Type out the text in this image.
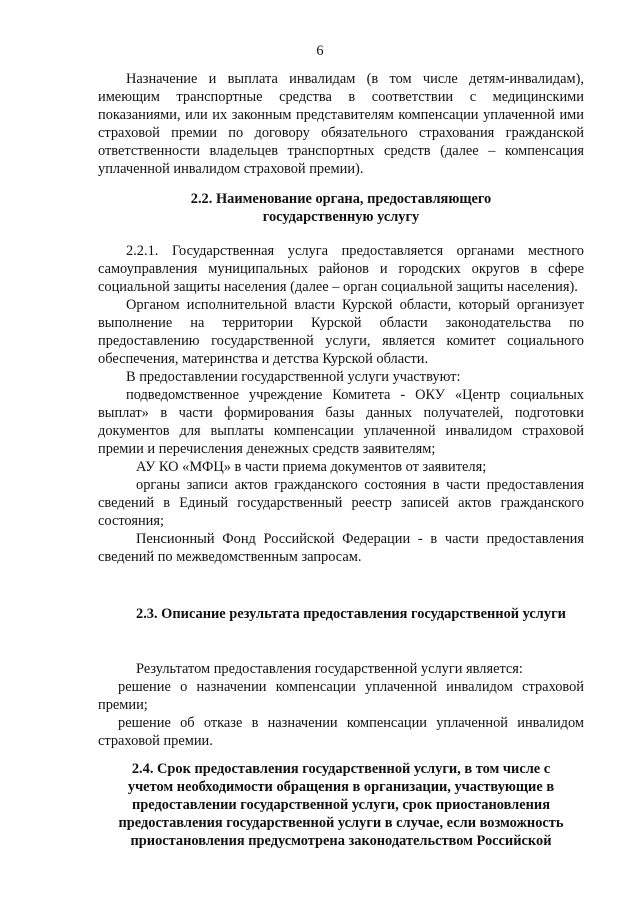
6

Назначение и выплата инвалидам (в том числе детям-инвалидам), имеющим транспортные средства в соответствии с медицинскими показаниями, или их законным представителям компенсации уплаченной ими страховой премии по договору обязательного страхования гражданской ответственности владельцев транспортных средств (далее – компенсация уплаченной инвалидом страховой премии).

2.2. Наименование органа, предоставляющего

государственную услугу

2.2.1. Государственная услуга предоставляется органами местного самоуправления муниципальных районов и городских округов в сфере социальной защиты населения (далее – орган социальной защиты населения).

Органом исполнительной власти Курской области, который организует выполнение на территории Курской области законодательства по предоставлению государственной услуги, является комитет социального обеспечения, материнства и детства Курской области.

В предоставлении государственной услуги участвуют:

подведомственное учреждение Комитета - ОКУ «Центр социальных выплат» в части формирования базы данных получателей, подготовки документов для выплаты компенсации уплаченной инвалидом страховой премии и перечисления денежных средств заявителям;

АУ КО «МФЦ» в части приема документов от заявителя;

органы записи актов гражданского состояния в части предоставления сведений в Единый государственный реестр записей актов гражданского состояния;

Пенсионный Фонд Российской Федерации - в части предоставления сведений по межведомственным запросам.

2.3. Описание результата предоставления государственной услуги

Результатом предоставления государственной услуги является:

решение о назначении компенсации уплаченной инвалидом страховой премии;

решение об отказе в назначении компенсации уплаченной инвалидом страховой премии.

2.4. Срок предоставления государственной услуги, в том числе с

учетом необходимости обращения в организации, участвующие в

предоставлении государственной услуги, срок приостановления

предоставления государственной услуги в случае, если возможность

приостановления предусмотрена законодательством Российской
